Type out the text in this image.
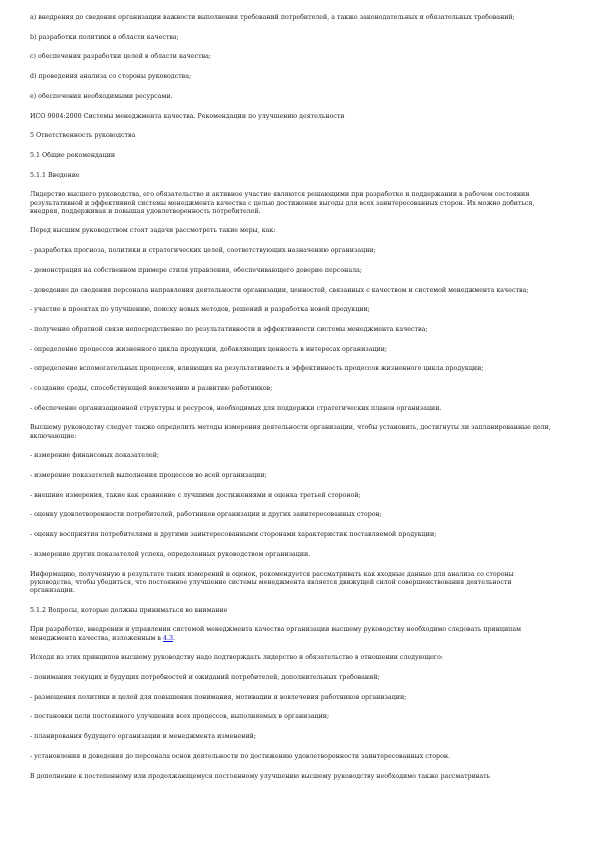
a) внедрения до сведения организации важности выполнения требований потребителей, а также законодательных и обязательных требований;

b) разработки политики в области качества;

c) обеспечения разработки целей в области качества;

d) проведения анализа со стороны руководства;

e) обеспечения необходимыми ресурсами.

ИСО 9004:2000 Системы менеджмента качества. Рекомендации по улучшению деятельности

5 Ответственность руководства

5.1 Общие рекомендации

5.1.1 Введение

Лидерство высшего руководства, его обязательство и активное участие являются решающими при разработке и поддержании в рабочем состоянии результативной и эффективной системы менеджмента качества с целью достижения выгоды для всех заинтересованных сторон. Их можно добиться, внедряя, поддерживая и повышая удовлетворенность потребителей.

Перед высшим руководством стоят задачи рассмотреть такие меры, как:

- разработка прогноза, политики и стратегических целей, соответствующих назначению организации;

- демонстрация на собственном примере стиля управления, обеспечивающего доверие персонала;

- доведение до сведения персонала направления деятельности организации, ценностей, связанных с качеством и системой менеджмента качества;

- участие в проектах по улучшению, поиску новых методов, решений и разработка новой продукции;

- получение обратной связи непосредственно по результативности и эффективности системы менеджмента качества;

- определение процессов жизненного цикла продукции, добавляющих ценность в интересах организации;

- определение вспомогательных процессов, влияющих на результативность и эффективность процессов жизненного цикла продукции;

- создание среды, способствующей вовлечению и развитию работников;

- обеспечение организационной структуры и ресурсов, необходимых для поддержки стратегических планов организации.

Высшему руководству следует также определить методы измерения деятельности организации, чтобы установить, достигнуты ли запланированные цели, включающие:

- измерение финансовых показателей;

- измерение показателей выполнения процессов во всей организации;

- внешние измерения, такие как сравнение с лучшими достижениями и оценка третьей стороной;

- оценку удовлетворенности потребителей, работников организации и других заинтересованных сторон;

- оценку восприятия потребителями и другими заинтересованными сторонами характеристик поставляемой продукции;

- измерение других показателей успеха, определенных руководством организации.

Информацию, полученную в результате таких измерений и оценок, рекомендуется рассматривать как входные данные для анализа со стороны руководства, чтобы убедиться, что постоянное улучшение системы менеджмента является движущей силой совершенствования деятельности организации.

5.1.2 Вопросы, которые должны приниматься во внимание

При разработке, внедрении и управлении системой менеджмента качества организации высшему руководству необходимо следовать принципам менеджмента качества, изложенным в 4.3.

Исходя из этих принципов высшему руководству надо подтверждать лидерство и обязательство в отношении следующего:

- понимания текущих и будущих потребностей и ожиданий потребителей, дополнительных требований;

- размещения политики и целей для повышения понимания, мотивации и вовлечения работников организации;

- постановки цели постоянного улучшения всех процессов, выполняемых в организации;

- планирования будущего организации и менеджмента изменений;

- установления и доведения до персонала основ деятельности по достижению удовлетворенности заинтересованных сторон.

В дополнение к постепенному или продолжающемуся постоянному улучшению высшему руководству необходимо также рассматривать
